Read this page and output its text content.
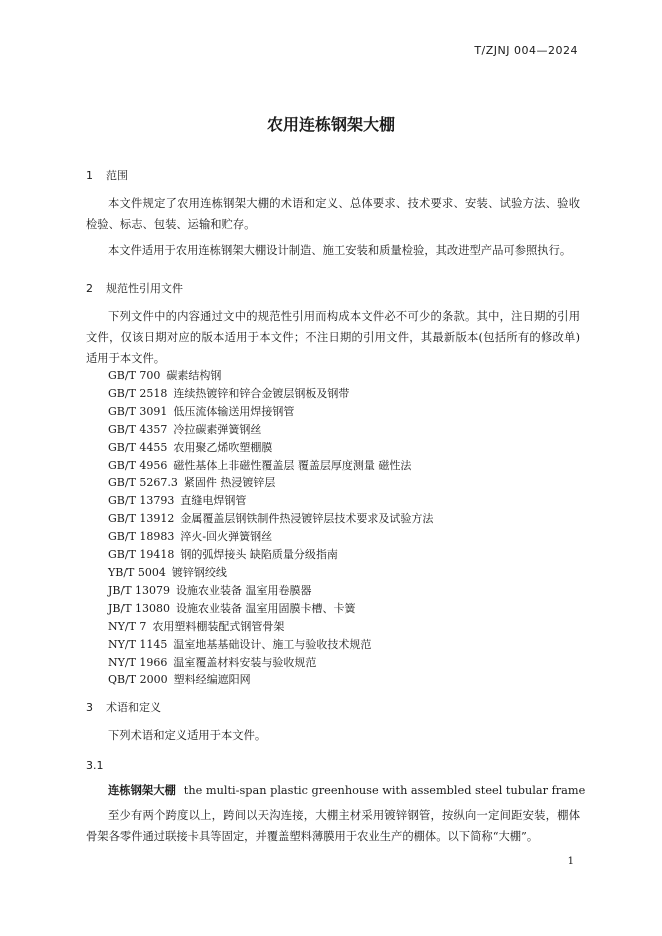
T/ZJNJ 004—2024
农用连栋钢架大棚
1 范围

本文件规定了农用连栋钢架大棚的术语和定义、总体要求、技术要求、安装、试验方法、验收检验、标志、包装、运输和贮存。

本文件适用于农用连栋钢架大棚设计制造、施工安装和质量检验，其改进型产品可参照执行。

2 规范性引用文件

下列文件中的内容通过文中的规范性引用而构成本文件必不可少的条款。其中，注日期的引用文件，仅该日期对应的版本适用于本文件；不注日期的引用文件，其最新版本(包括所有的修改单)适用于本文件。

GB/T 700 碳素结构钢
GB/T 2518 连续热镀锌和锌合金镀层钢板及钢带
GB/T 3091 低压流体输送用焊接钢管
GB/T 4357 冷拉碳素弹簧钢丝
GB/T 4455 农用聚乙烯吹塑棚膜
GB/T 4956 磁性基体上非磁性覆盖层 覆盖层厚度测量 磁性法
GB/T 5267.3 紧固件 热浸镀锌层
GB/T 13793 直缝电焊钢管
GB/T 13912 金属覆盖层钢铁制件热浸镀锌层技术要求及试验方法
GB/T 18983 淬火-回火弹簧钢丝
GB/T 19418 钢的弧焊接头 缺陷质量分级指南
YB/T 5004 镀锌钢绞线
JB/T 13079 设施农业装备 温室用卷膜器
JB/T 13080 设施农业装备 温室用固膜卡槽、卡簧
NY/T 7 农用塑料棚装配式钢管骨架
NY/T 1145 温室地基基础设计、施工与验收技术规范
NY/T 1966 温室覆盖材料安装与验收规范
QB/T 2000 塑料经编遮阳网
3 术语和定义

下列术语和定义适用于本文件。

3.1
连栋钢架大棚 the multi-span plastic greenhouse with assembled steel tubular frame

至少有两个跨度以上，跨间以天沟连接，大棚主材采用镀锌钢管，按纵向一定间距安装，棚体骨架各零件通过联接卡具等固定，并覆盖塑料薄膜用于农业生产的棚体。以下简称“大棚”。

1
